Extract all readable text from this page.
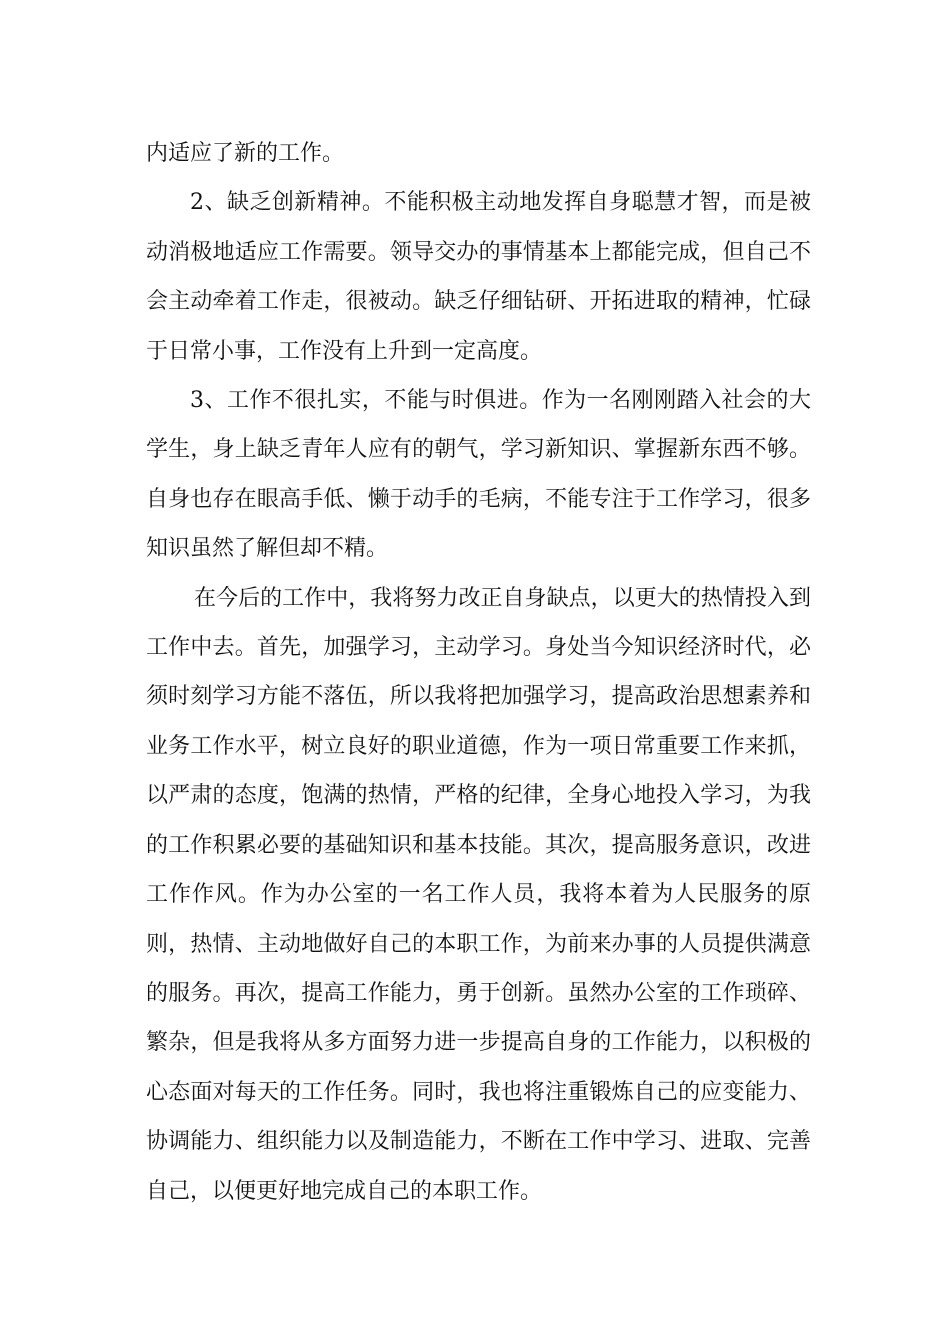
内适应了新的工作。

2、缺乏创新精神。不能积极主动地发挥自身聪慧才智，而是被动消极地适应工作需要。领导交办的事情基本上都能完成，但自己不会主动牵着工作走，很被动。缺乏仔细钻研、开拓进取的精神，忙碌于日常小事，工作没有上升到一定高度。

3、工作不很扎实，不能与时俱进。作为一名刚刚踏入社会的大学生，身上缺乏青年人应有的朝气，学习新知识、掌握新东西不够。自身也存在眼高手低、懒于动手的毛病，不能专注于工作学习，很多知识虽然了解但却不精。

在今后的工作中，我将努力改正自身缺点，以更大的热情投入到工作中去。首先，加强学习，主动学习。身处当今知识经济时代，必须时刻学习方能不落伍，所以我将把加强学习，提高政治思想素养和业务工作水平，树立良好的职业道德，作为一项日常重要工作来抓，以严肃的态度，饱满的热情，严格的纪律，全身心地投入学习，为我的工作积累必要的基础知识和基本技能。其次，提高服务意识，改进工作作风。作为办公室的一名工作人员，我将本着为人民服务的原则，热情、主动地做好自己的本职工作，为前来办事的人员提供满意的服务。再次，提高工作能力，勇于创新。虽然办公室的工作琐碎、繁杂，但是我将从多方面努力进一步提高自身的工作能力，以积极的心态面对每天的工作任务。同时，我也将注重锻炼自己的应变能力、协调能力、组织能力以及制造能力，不断在工作中学习、进取、完善自己，以便更好地完成自己的本职工作。
